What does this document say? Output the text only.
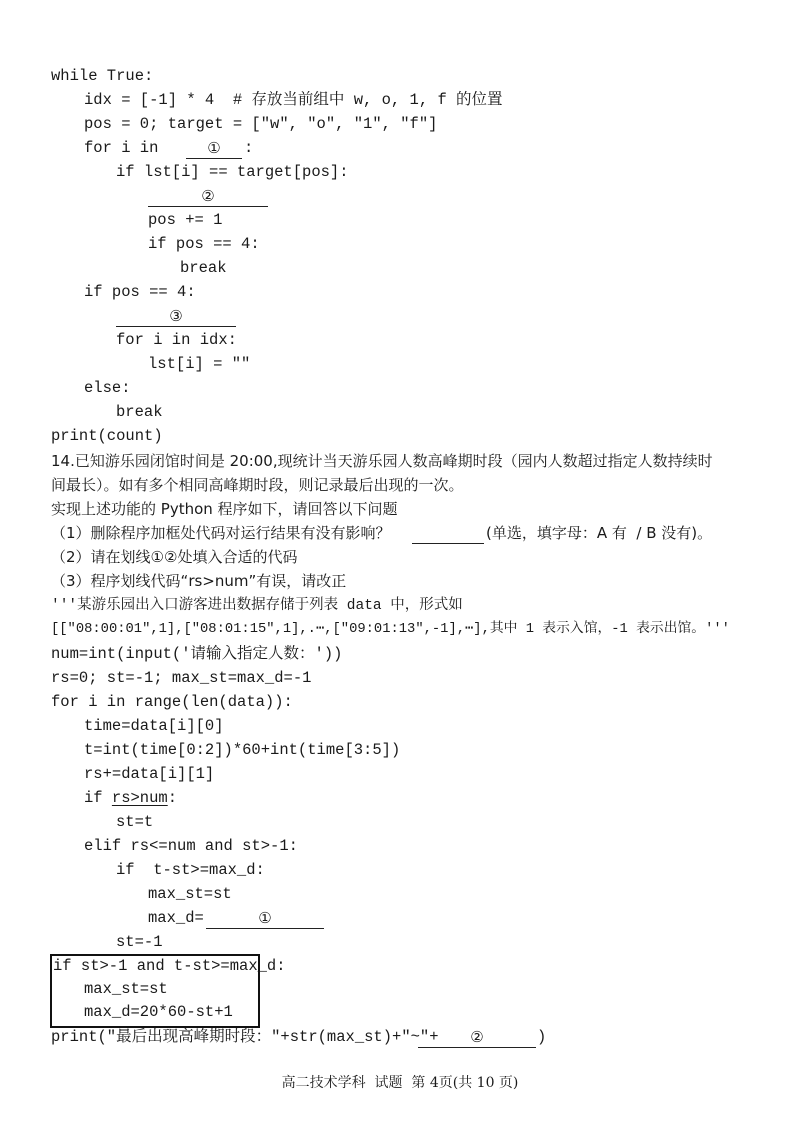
while True:
idx = [-1] * 4  # 存放当前组中 w, o, 1, f 的位置
pos = 0; target = ["w", "o", "1", "f"]
for i in	①	:
if lst[i] == target[pos]:
②
pos += 1
if pos == 4:
break
if pos == 4:
③
for i in idx:
lst[i] = ""
else:
break
print(count)
14.已知游乐园闭馆时间是 20:00,现统计当天游乐园人数高峰期时段（园内人数超过指定人数持续时
间最长）。如有多个相同高峰期时段，则记录最后出现的一次。
实现上述功能的 Python 程序如下，请回答以下问题
（1）删除程序加框处代码对运行结果有没有影响？	(单选，填字母：A 有  / B 没有)。
（2）请在划线①②处填入合适的代码
（3）程序划线代码“rs>num”有误，请改正
'''某游乐园出入口游客进出数据存储于列表 data 中，形式如
[["08:00:01",1],["08:01:15",1],.⋯,["09:01:13",-1],⋯],其中 1 表示入馆，-1 表示出馆。'''
num=int(input('请输入指定人数：'))
rs=0; st=-1; max_st=max_d=-1
for i in range(len(data)):
time=data[i][0]
t=int(time[0:2])*60+int(time[3:5])
rs+=data[i][1]
if rs>num:
st=t
elif rs<=num and st>-1:
if  t-st>=max_d:
max_st=st
max_d=	①
st=-1
if st>-1 and t-st>=max_d:
max_st=st
max_d=20*60-st+1
print("最后出现高峰期时段："+str(max_st)+"~"+	②	)
高二技术学科  试题  第 4页(共 10 页)
